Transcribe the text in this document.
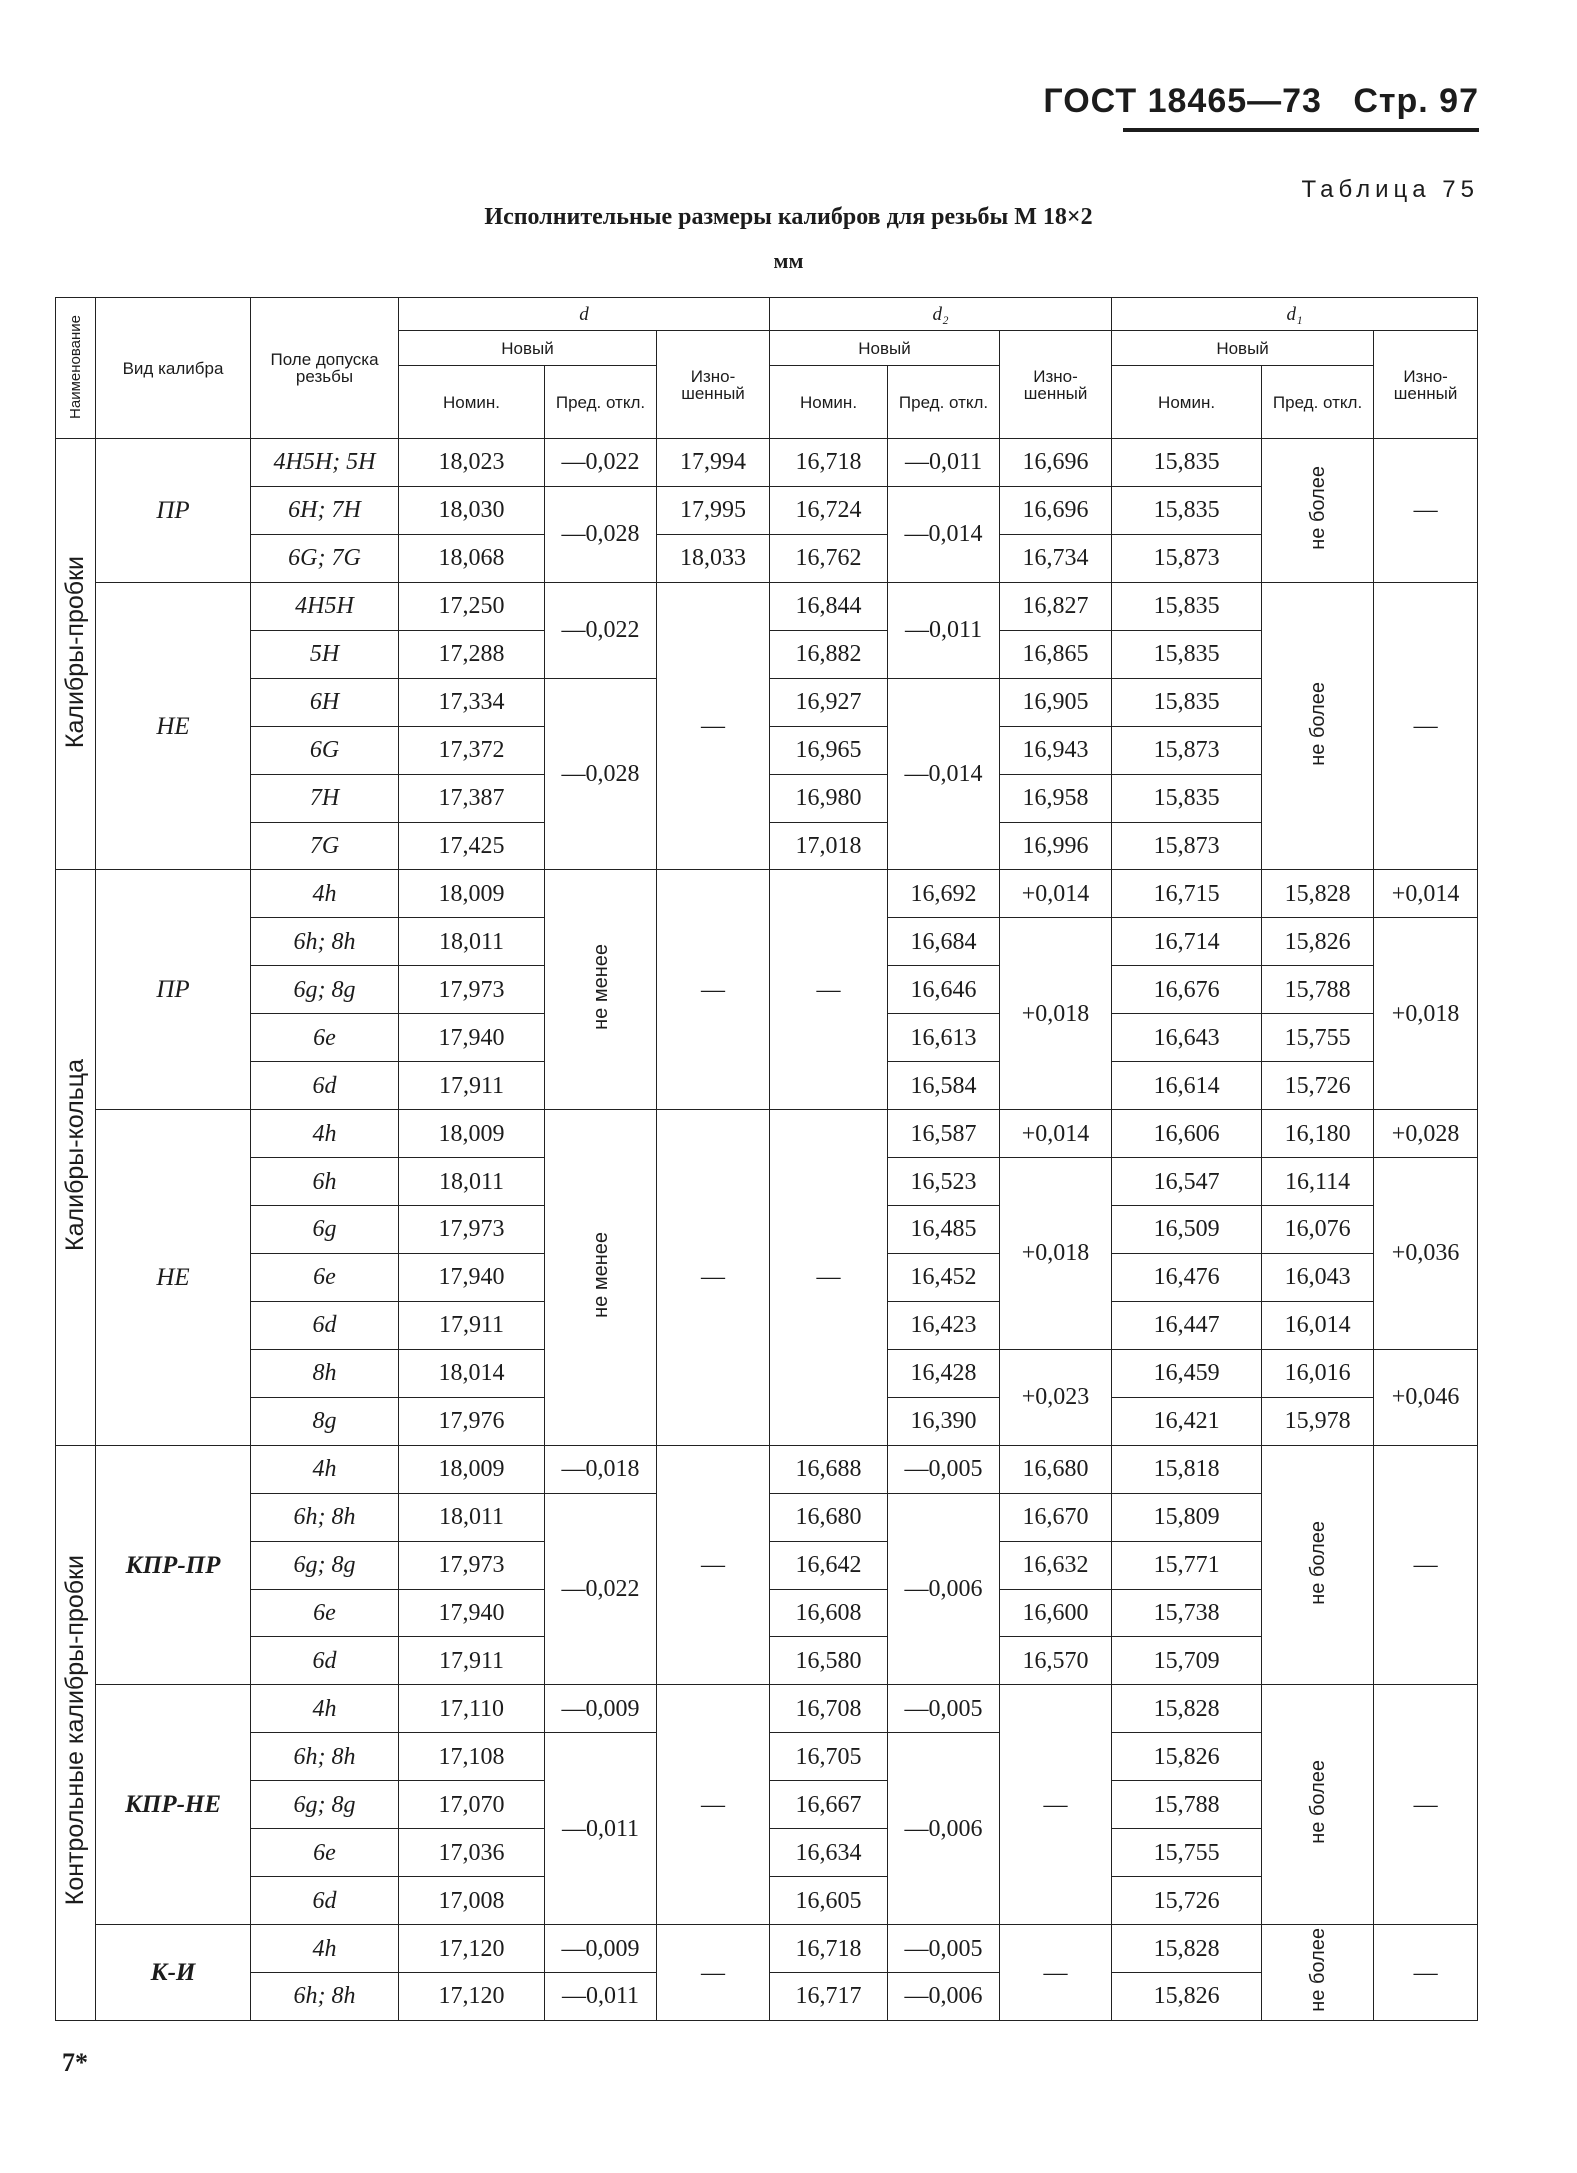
ГОСТ 18465—73 Стр. 97
Таблица 75
Исполнительные размеры калибров для резьбы М 18×2
мм
Наименование	Вид калибра	Поле допуска резьбы	d			d₂			d₁			
			Новый		Изно-шенный	Новый		Изно-шенный	Новый		Изно-шенный	
			Номин.	Пред. откл.		Номин.	Пред. откл.		Номин.	Пред. откл.		
Калибры-пробки	ПР	4Н5Н; 5Н	18,023	—0,022	17,994	16,718	—0,011	16,696	15,835	не более	—	
		6Н; 7Н	18,030	—0,028	17,995	16,724	—0,014	16,696	15,835			
		6G; 7G	18,068		18,033	16,762		16,734	15,873			
	НЕ	4Н5Н	17,250	—0,022	—	16,844	—0,011	16,827	15,835	не более	—	
		5Н	17,288			16,882		16,865	15,835			
		6Н	17,334	—0,028		16,927	—0,014	16,905	15,835			
		6G	17,372			16,965		16,943	15,873			
		7Н	17,387			16,980		16,958	15,835			
		7G	17,425			17,018		16,996	15,873			
Калибры-кольца	ПР	4h	18,009	не менее	—	—	16,692	+0,014	16,715	15,828	+0,014	
		6h; 8h	18,011				16,684	+0,018	16,714	15,826	+0,018	
		6g; 8g	17,973				16,646		16,676	15,788	
		6e	17,940				16,613		16,643	15,755	
		6d	17,911				16,584		16,614	15,726	
	НЕ	4h	18,009	не менее	—	—	16,587	+0,014	16,606	16,180	+0,028	
		6h	18,011				16,523	+0,018	16,547	16,114	+0,036	
		6g	17,973				16,485		16,509	16,076		
		6e	17,940				16,452		16,476	16,043		
		6d	17,911				16,423		16,447	16,014		
		8h	18,014				16,428	+0,023	16,459	16,016	+0,046	
		8g	17,976				16,390		16,421	15,978		
Контрольные калибры-пробки	КПР-ПР	4h	18,009	—0,018	—	16,688	—0,005	16,680	15,818	не более	—	
		6h; 8h	18,011	—0,022		16,680	—0,006	16,670	15,809			
		6g; 8g	17,973			16,642		16,632	15,771			
		6e	17,940			16,608		16,600	15,738			
		6d	17,911			16,580		16,570	15,709			
	КПР-НЕ	4h	17,110	—0,009	—	16,708	—0,005	—	15,828	не более	—	
		6h; 8h	17,108	—0,011		16,705	—0,006		15,826			
		6g; 8g	17,070			16,667			15,788			
		6e	17,036			16,634			15,755			
		6d	17,008			16,605			15,726			
	К-И	4h	17,120	—0,009	—	16,718	—0,005	—	15,828	не более	—	
		6h; 8h	17,120	—0,011		16,717	—0,006		15,826			
7*
